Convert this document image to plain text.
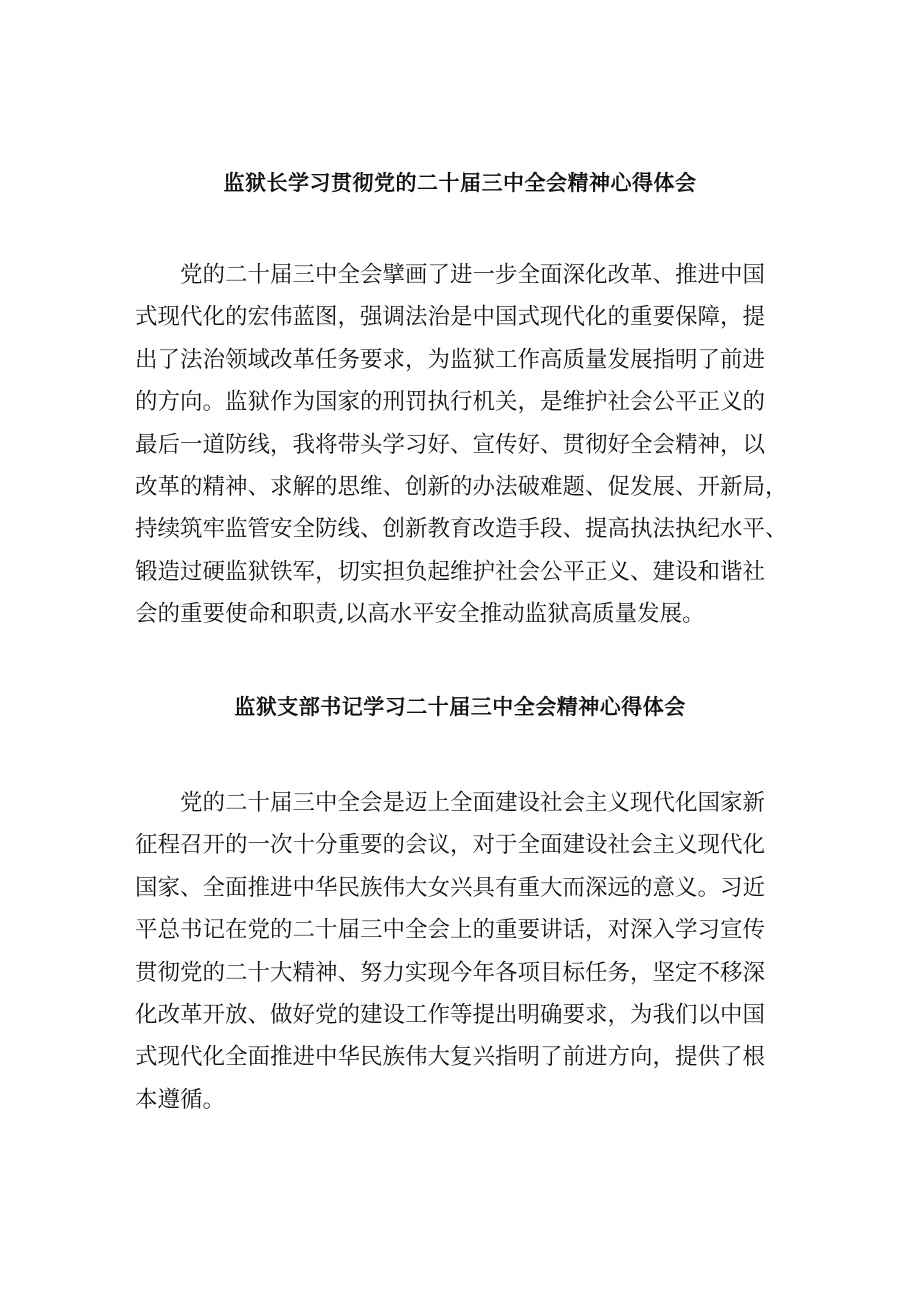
监狱长学习贯彻党的二十届三中全会精神心得体会
党的二十届三中全会擘画了进一步全面深化改革、推进中国
式现代化的宏伟蓝图，强调法治是中国式现代化的重要保障，提
出了法治领域改革任务要求，为监狱工作高质量发展指明了前进
的方向。监狱作为国家的刑罚执行机关，是维护社会公平正义的
最后一道防线，我将带头学习好、宣传好、贯彻好全会精神，以
改革的精神、求解的思维、创新的办法破难题、促发展、开新局，
持续筑牢监管安全防线、创新教育改造手段、提高执法执纪水平、
锻造过硬监狱铁军，切实担负起维护社会公平正义、建设和谐社
会的重要使命和职责,以高水平安全推动监狱高质量发展。
监狱支部书记学习二十届三中全会精神心得体会
党的二十届三中全会是迈上全面建设社会主义现代化国家新
征程召开的一次十分重要的会议，对于全面建设社会主义现代化
国家、全面推进中华民族伟大女兴具有重大而深远的意义。习近
平总书记在党的二十届三中全会上的重要讲话，对深入学习宣传
贯彻党的二十大精神、努力实现今年各项目标任务，坚定不移深
化改革开放、做好党的建设工作等提出明确要求，为我们以中国
式现代化全面推进中华民族伟大复兴指明了前进方向，提供了根
本遵循。
